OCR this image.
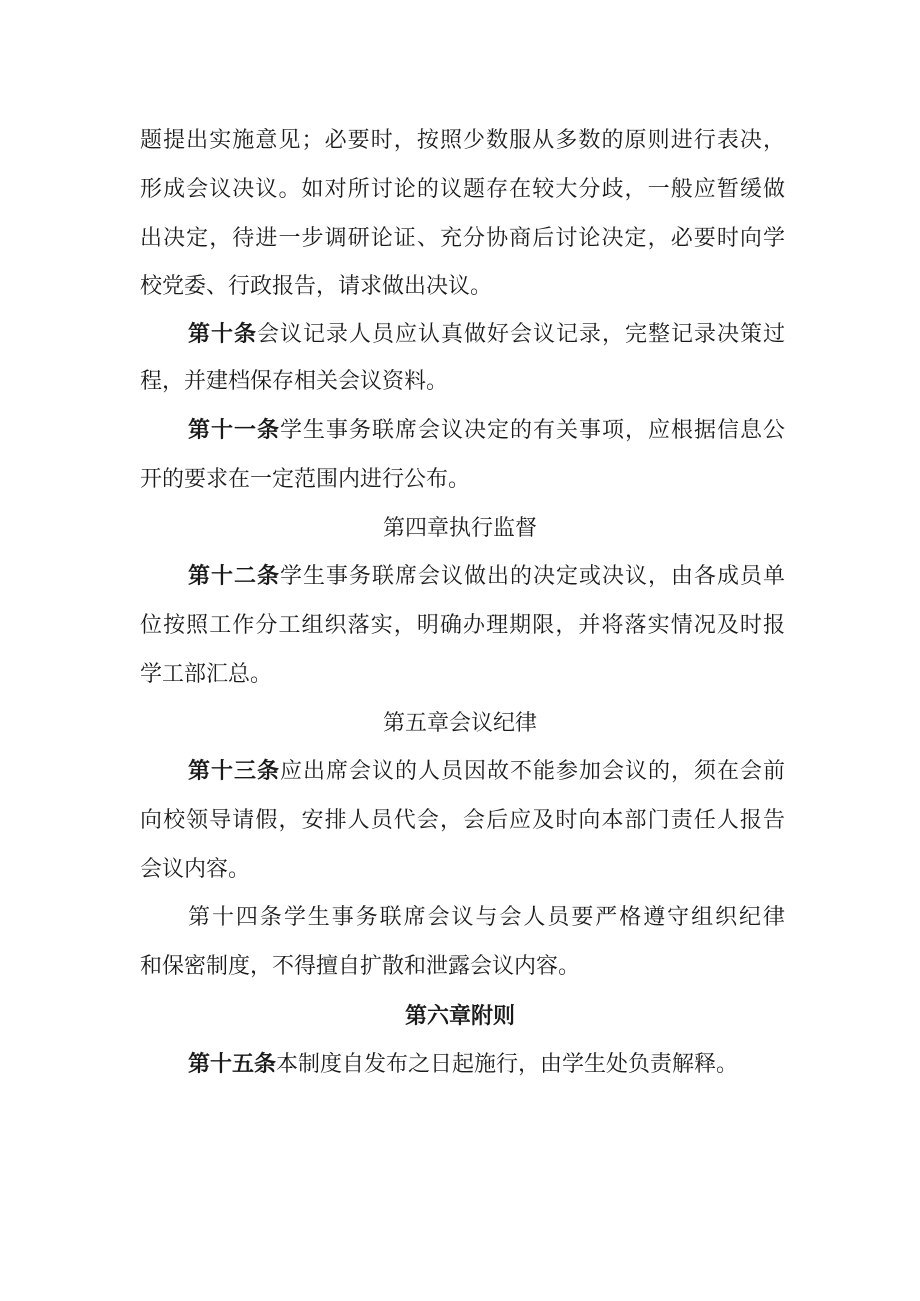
题提出实施意见；必要时，按照少数服从多数的原则进行表决，
形成会议决议。如对所讨论的议题存在较大分歧，一般应暂缓做
出决定，待进一步调研论证、充分协商后讨论决定，必要时向学
校党委、行政报告，请求做出决议。
第十条会议记录人员应认真做好会议记录，完整记录决策过
程，并建档保存相关会议资料。
第十一条学生事务联席会议决定的有关事项，应根据信息公
开的要求在一定范围内进行公布。
第四章执行监督
第十二条学生事务联席会议做出的决定或决议，由各成员单
位按照工作分工组织落实，明确办理期限，并将落实情况及时报
学工部汇总。
第五章会议纪律
第十三条应出席会议的人员因故不能参加会议的，须在会前
向校领导请假，安排人员代会，会后应及时向本部门责任人报告
会议内容。
第十四条学生事务联席会议与会人员要严格遵守组织纪律
和保密制度，不得擅自扩散和泄露会议内容。
第六章附则
第十五条本制度自发布之日起施行，由学生处负责解释。
